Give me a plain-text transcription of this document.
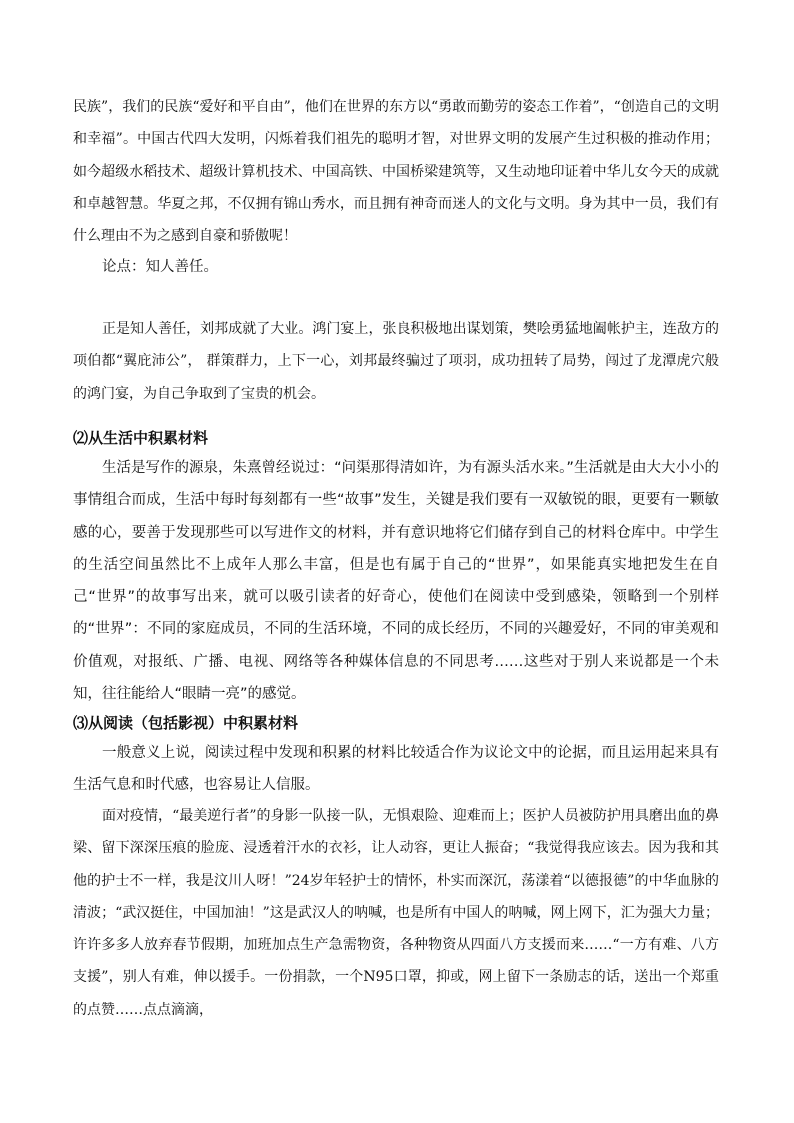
民族”，我们的民族“爱好和平自由”，他们在世界的东方以“勇敢而勤劳的姿态工作着”，“创造自己的文明和幸福”。中国古代四大发明，闪烁着我们祖先的聪明才智，对世界文明的发展产生过积极的推动作用；如今超级水稻技术、超级计算机技术、中国高铁、中国桥梁建筑等，又生动地印证着中华儿女今天的成就和卓越智慧。华夏之邦，不仅拥有锦山秀水，而且拥有神奇而迷人的文化与文明。身为其中一员，我们有什么理由不为之感到自豪和骄傲呢！

论点：知人善任。

正是知人善任，刘邦成就了大业。鸿门宴上，张良积极地出谋划策，樊哙勇猛地阖帐护主，连敌方的项伯都“翼庇沛公”， 群策群力，上下一心，刘邦最终骗过了项羽，成功扭转了局势，闯过了龙潭虎穴般的鸿门宴，为自己争取到了宝贵的机会。

⑵从生活中积累材料

生活是写作的源泉，朱熹曾经说过：“问渠那得清如许，为有源头活水来。”生活就是由大大小小的事情组合而成，生活中每时每刻都有一些“故事”发生，关键是我们要有一双敏锐的眼，更要有一颗敏感的心，要善于发现那些可以写进作文的材料，并有意识地将它们储存到自己的材料仓库中。中学生的生活空间虽然比不上成年人那么丰富，但是也有属于自己的“世界”，如果能真实地把发生在自己“世界”的故事写出来，就可以吸引读者的好奇心，使他们在阅读中受到感染，领略到一个别样的“世界”：不同的家庭成员，不同的生活环境，不同的成长经历，不同的兴趣爱好，不同的审美观和价值观，对报纸、广播、电视、网络等各种媒体信息的不同思考……这些对于别人来说都是一个未知，往往能给人“眼睛一亮”的感觉。

⑶从阅读（包括影视）中积累材料

一般意义上说，阅读过程中发现和积累的材料比较适合作为议论文中的论据，而且运用起来具有生活气息和时代感，也容易让人信服。

面对疫情，“最美逆行者”的身影一队接一队，无惧艰险、迎难而上；医护人员被防护用具磨出血的鼻梁、留下深深压痕的脸庞、浸透着汗水的衣衫，让人动容，更让人振奋；“我觉得我应该去。因为我和其他的护士不一样，我是汶川人呀！”24岁年轻护士的情怀，朴实而深沉，荡漾着“以德报德”的中华血脉的清波；“武汉挺住，中国加油！”这是武汉人的呐喊，也是所有中国人的呐喊，网上网下，汇为强大力量；许许多多人放弃春节假期，加班加点生产急需物资，各种物资从四面八方支援而来……“一方有难、八方支援”，别人有难，伸以援手。一份捐款，一个N95口罩，抑或，网上留下一条励志的话，送出一个郑重的点赞……点点滴滴，
